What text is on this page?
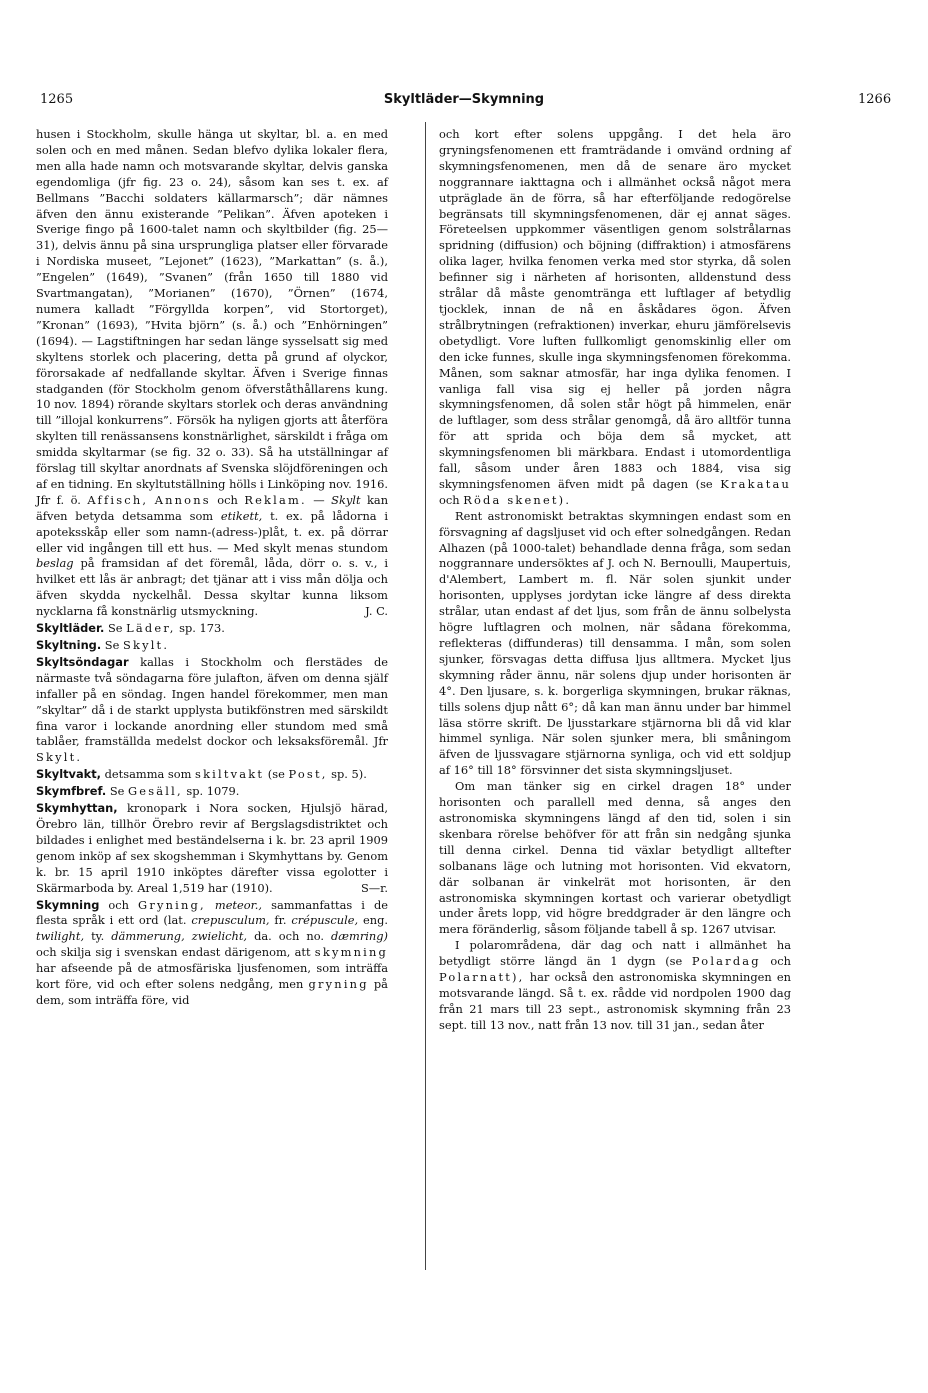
1265	Skyltläder—Skymning	1266

husen i Stockholm, skulle hänga ut skyltar, bl. a. en med solen och en med månen. Sedan blefvo dylika lokaler flera, men alla hade namn och motsvarande skyltar, delvis ganska egendomliga (jfr fig. 23 o. 24), såsom kan ses t. ex. af Bellmans ”Bacchi soldaters källarmarsch”; där nämnes äfven den ännu existerande ”Pelikan”. Äfven apoteken i Sverige fingo på 1600-talet namn och skyltbilder (fig. 25—31), delvis ännu på sina ursprungliga platser eller förvarade i Nordiska museet, ”Lejonet” (1623), ”Markattan” (s. å.), ”Engelen” (1649), ”Svanen” (från 1650 till 1880 vid Svartmangatan), ”Morianen” (1670), ”Örnen” (1674, numera kalladt ”Förgyllda korpen”, vid Stortorget), ”Kronan” (1693), ”Hvita björn” (s. å.) och ”Enhörningen” (1694). — Lagstiftningen har sedan länge sysselsatt sig med skyltens storlek och placering, detta på grund af olyckor, förorsakade af nedfallande skyltar. Äfven i Sverige finnas stadganden (för Stockholm genom öfverståthållarens kung. 10 nov. 1894) rörande skyltars storlek och deras användning till ”illojal konkurrens”. Försök ha nyligen gjorts att återföra skylten till renässansens konstnärlighet, särskildt i fråga om smidda skyltarmar (se fig. 32 o. 33). Så ha utställningar af förslag till skyltar anordnats af Svenska slöjdföreningen och af en tidning. En skyltutställning hölls i Linköping nov. 1916. Jfr f. ö. Affisch, Annons och Reklam. — Skylt kan äfven betyda detsamma som etikett, t. ex. på lådorna i apoteksskåp eller som namn-(adress-)plåt, t. ex. på dörrar eller vid ingången till ett hus. — Med skylt menas stundom beslag på framsidan af det föremål, låda, dörr o. s. v., i hvilket ett lås är anbragt; det tjänar att i viss mån dölja och äfven skydda nyckelhål. Dessa skyltar kunna liksom nycklarna få konstnärlig utsmyckning.	J. C.

Skyltläder. Se Läder, sp. 173.

Skyltning. Se Skylt.

Skyltsöndagar kallas i Stockholm och flerstädes de närmaste två söndagarna före julafton, äfven om denna själf infaller på en söndag. Ingen handel förekommer, men man ”skyltar” då i de starkt upplysta butikfönstren med särskildt fina varor i lockande anordning eller stundom med små tablåer, framställda medelst dockor och leksaksföremål. Jfr Skylt.

Skyltvakt, detsamma som skiltvakt (se Post, sp. 5).

Skymfbref. Se Gesäll, sp. 1079.

Skymhyttan, kronopark i Nora socken, Hjulsjö härad, Örebro län, tillhör Örebro revir af Bergslagsdistriktet och bildades i enlighet med beständelserna i k. br. 23 april 1909 genom inköp af sex skogshemman i Skymhyttans by. Genom k. br. 15 april 1910 inköptes därefter vissa egolotter i Skärmarboda by. Areal 1,519 har (1910).	S—r.

Skymning och Gryning, meteor., sammanfattas i de flesta språk i ett ord (lat. crepusculum, fr. crépuscule, eng. twilight, ty. dämmerung, zwielicht, da. och no. dæmring) och skilja sig i svenskan endast därigenom, att skymning har afseende på de atmosfäriska ljusfenomen, som inträffa kort före, vid och efter solens nedgång, men gryning på dem, som inträffa före, vid

och kort efter solens uppgång. I det hela äro gryningsfenomenen ett framträdande i omvänd ordning af skymningsfenomenen, men då de senare äro mycket noggrannare iakttagna och i allmänhet också något mera utpräglade än de förra, så har efterföljande redogörelse begränsats till skymningsfenomenen, där ej annat säges. Företeelsen uppkommer väsentligen genom solstrålarnas spridning (diffusion) och böjning (diffraktion) i atmosfärens olika lager, hvilka fenomen verka med stor styrka, då solen befinner sig i närheten af horisonten, alldenstund dess strålar då måste genomtränga ett luftlager af betydlig tjocklek, innan de nå en åskådares ögon. Äfven strålbrytningen (refraktionen) inverkar, ehuru jämförelsevis obetydligt. Vore luften fullkomligt genomskinlig eller om den icke funnes, skulle inga skymningsfenomen förekomma. Månen, som saknar atmosfär, har inga dylika fenomen. I vanliga fall visa sig ej heller på jorden några skymningsfenomen, då solen står högt på himmelen, enär de luftlager, som dess strålar genomgå, då äro alltför tunna för att sprida och böja dem så mycket, att skymningsfenomen bli märkbara. Endast i utomordentliga fall, såsom under åren 1883 och 1884, visa sig skymningsfenomen äfven midt på dagen (se Krakatau och Röda skenet).

Rent astronomiskt betraktas skymningen endast som en försvagning af dagsljuset vid och efter solnedgången. Redan Alhazen (på 1000-talet) behandlade denna fråga, som sedan noggrannare undersöktes af J. och N. Bernoulli, Maupertuis, d'Alembert, Lambert m. fl. När solen sjunkit under horisonten, upplyses jordytan icke längre af dess direkta strålar, utan endast af det ljus, som från de ännu solbelysta högre luftlagren och molnen, när sådana förekomma, reflekteras (diffunderas) till densamma. I mån, som solen sjunker, försvagas detta diffusa ljus alltmera. Mycket ljus skymning råder ännu, när solens djup under horisonten är 4°. Den ljusare, s. k. borgerliga skymningen, brukar räknas, tills solens djup nått 6°; då kan man ännu under bar himmel läsa större skrift. De ljusstarkare stjärnorna bli då vid klar himmel synliga. När solen sjunker mera, bli småningom äfven de ljussvagare stjärnorna synliga, och vid ett soldjup af 16° till 18° försvinner det sista skymningsljuset.

Om man tänker sig en cirkel dragen 18° under horisonten och parallell med denna, så anges den astronomiska skymningens längd af den tid, solen i sin skenbara rörelse behöfver för att från sin nedgång sjunka till denna cirkel. Denna tid växlar betydligt alltefter solbanans läge och lutning mot horisonten. Vid ekvatorn, där solbanan är vinkelrät mot horisonten, är den astronomiska skymningen kortast och varierar obetydligt under årets lopp, vid högre breddgrader är den längre och mera föränderlig, såsom följande tabell å sp. 1267 utvisar.

I polarområdena, där dag och natt i allmänhet ha betydligt större längd än 1 dygn (se Polardag och Polarnatt), har också den astronomiska skymningen en motsvarande längd. Så t. ex. rådde vid nordpolen 1900 dag från 21 mars till 23 sept., astronomisk skymning från 23 sept. till 13 nov., natt från 13 nov. till 31 jan., sedan åter
